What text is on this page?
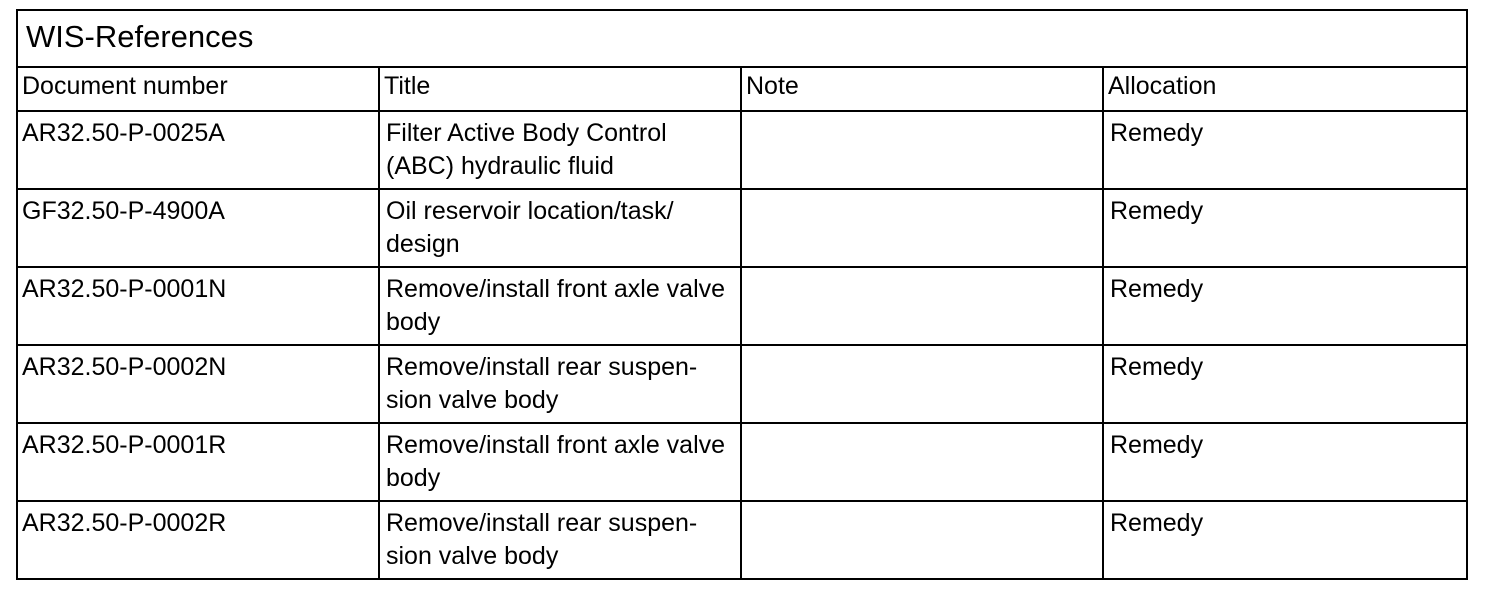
WIS-References			
Document number	Title	Note	Allocation
AR32.50-P-0025A	Filter Active Body Control (ABC) hydraulic fluid		Remedy
GF32.50-P-4900A	Oil reservoir location/task/ design		Remedy
AR32.50-P-0001N	Remove/install front axle valve body		Remedy
AR32.50-P-0002N	Remove/install rear suspen-sion valve body		Remedy
AR32.50-P-0001R	Remove/install front axle valve body		Remedy
AR32.50-P-0002R	Remove/install rear suspen-sion valve body		Remedy
